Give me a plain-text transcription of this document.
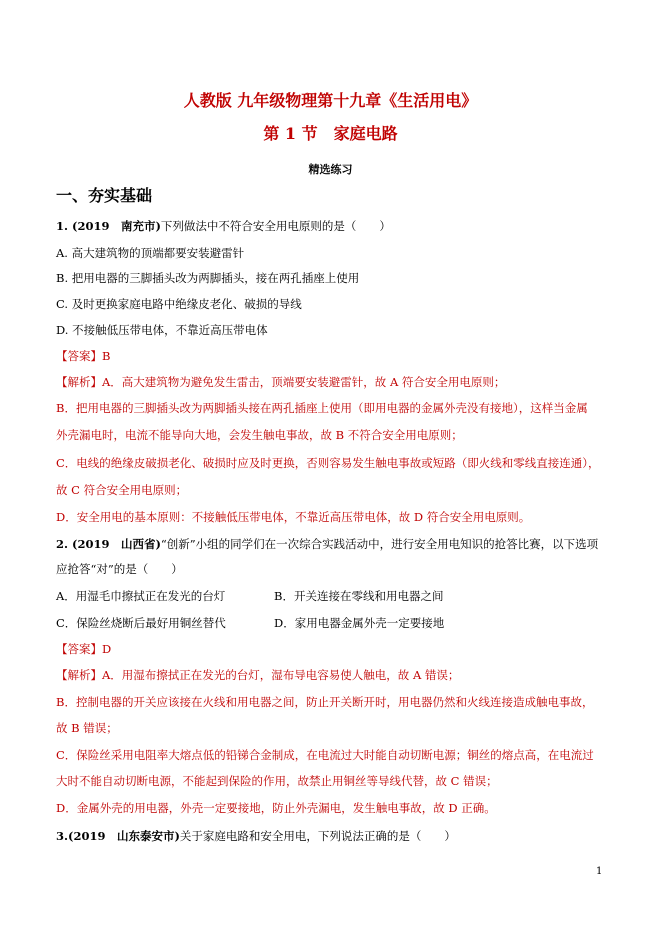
人教版 九年级物理第十九章《生活用电》
第 1 节　家庭电路
精选练习
一、夯实基础
1. (2019　南充市)下列做法中不符合安全用电原则的是（　　）
A. 高大建筑物的顶端都要安装避雷针
B. 把用电器的三脚插头改为两脚插头，接在两孔插座上使用
C. 及时更换家庭电路中绝缘皮老化、破损的导线
D. 不接触低压带电体，不靠近高压带电体
【答案】B
【解析】A．高大建筑物为避免发生雷击，顶端要安装避雷针，故 A 符合安全用电原则；
B．把用电器的三脚插头改为两脚插头接在两孔插座上使用（即用电器的金属外壳没有接地），这样当金属
外壳漏电时，电流不能导向大地，会发生触电事故，故 B 不符合安全用电原则；
C．电线的绝缘皮破损老化、破损时应及时更换，否则容易发生触电事故或短路（即火线和零线直接连通），
故 C 符合安全用电原则；
D．安全用电的基本原则：不接触低压带电体，不靠近高压带电体，故 D 符合安全用电原则。
2. (2019　山西省)“创新”小组的同学们在一次综合实践活动中，进行安全用电知识的抢答比赛，以下选项
应抢答“对”的是（　　）
A．用湿毛巾擦拭正在发光的台灯	B．开关连接在零线和用电器之间
C．保险丝烧断后最好用铜丝替代	D．家用电器金属外壳一定要接地
【答案】D
【解析】A．用湿布擦拭正在发光的台灯，湿布导电容易使人触电，故 A 错误；
B．控制电器的开关应该接在火线和用电器之间，防止开关断开时，用电器仍然和火线连接造成触电事故，
故 B 错误；
C．保险丝采用电阻率大熔点低的铅锑合金制成，在电流过大时能自动切断电源；铜丝的熔点高，在电流过
大时不能自动切断电源，不能起到保险的作用，故禁止用铜丝等导线代替，故 C 错误；
D．金属外壳的用电器，外壳一定要接地，防止外壳漏电，发生触电事故，故 D 正确。
3.(2019　山东泰安市)关于家庭电路和安全用电，下列说法正确的是（　　）
1
